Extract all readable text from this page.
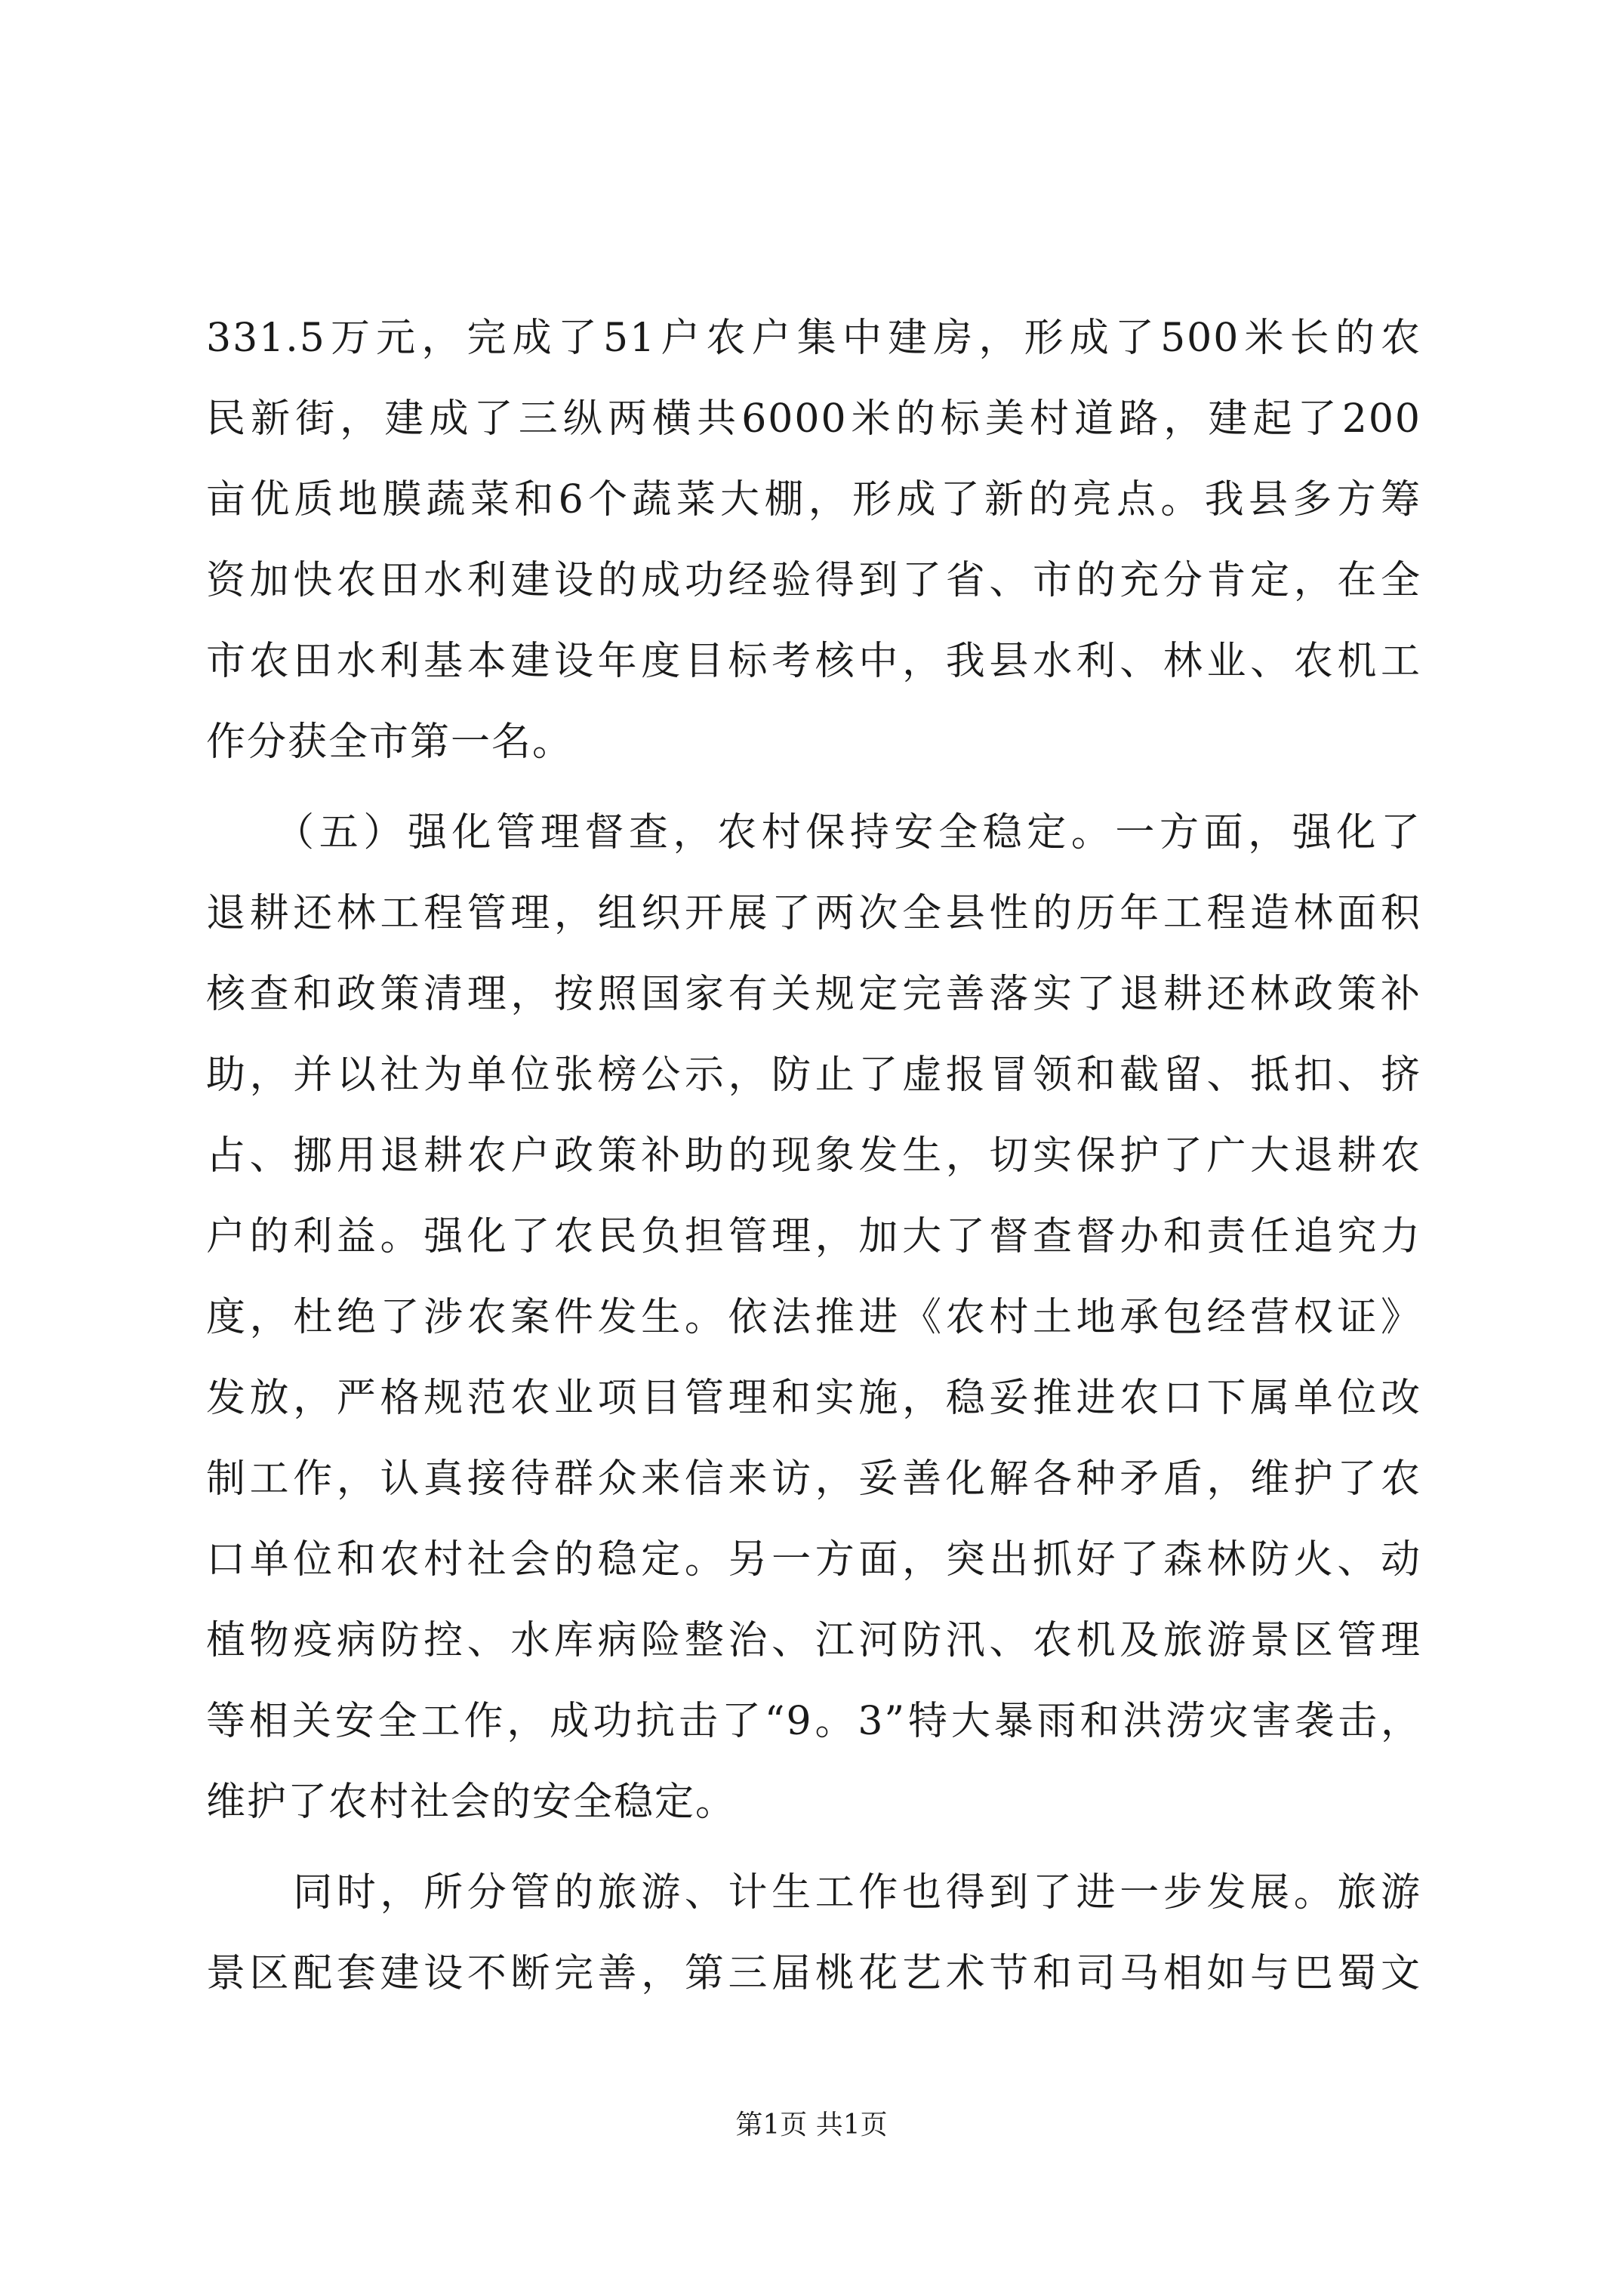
331.5万元，完成了51户农户集中建房，形成了500米长的农
民新街，建成了三纵两横共6000米的标美村道路，建起了200
亩优质地膜蔬菜和6个蔬菜大棚，形成了新的亮点。我县多方筹
资加快农田水利建设的成功经验得到了省、市的充分肯定，在全
市农田水利基本建设年度目标考核中，我县水利、林业、农机工
作分获全市第一名。
　　（五）强化管理督查，农村保持安全稳定。一方面，强化了
退耕还林工程管理，组织开展了两次全县性的历年工程造林面积
核查和政策清理，按照国家有关规定完善落实了退耕还林政策补
助，并以社为单位张榜公示，防止了虚报冒领和截留、抵扣、挤
占、挪用退耕农户政策补助的现象发生，切实保护了广大退耕农
户的利益。强化了农民负担管理，加大了督查督办和责任追究力
度，杜绝了涉农案件发生。依法推进《农村土地承包经营权证》
发放，严格规范农业项目管理和实施，稳妥推进农口下属单位改
制工作，认真接待群众来信来访，妥善化解各种矛盾，维护了农
口单位和农村社会的稳定。另一方面，突出抓好了森林防火、动
植物疫病防控、水库病险整治、江河防汛、农机及旅游景区管理
等相关安全工作，成功抗击了“9。3”特大暴雨和洪涝灾害袭击，
维护了农村社会的安全稳定。
　　同时，所分管的旅游、计生工作也得到了进一步发展。旅游
景区配套建设不断完善，第三届桃花艺术节和司马相如与巴蜀文
第1页 共1页
